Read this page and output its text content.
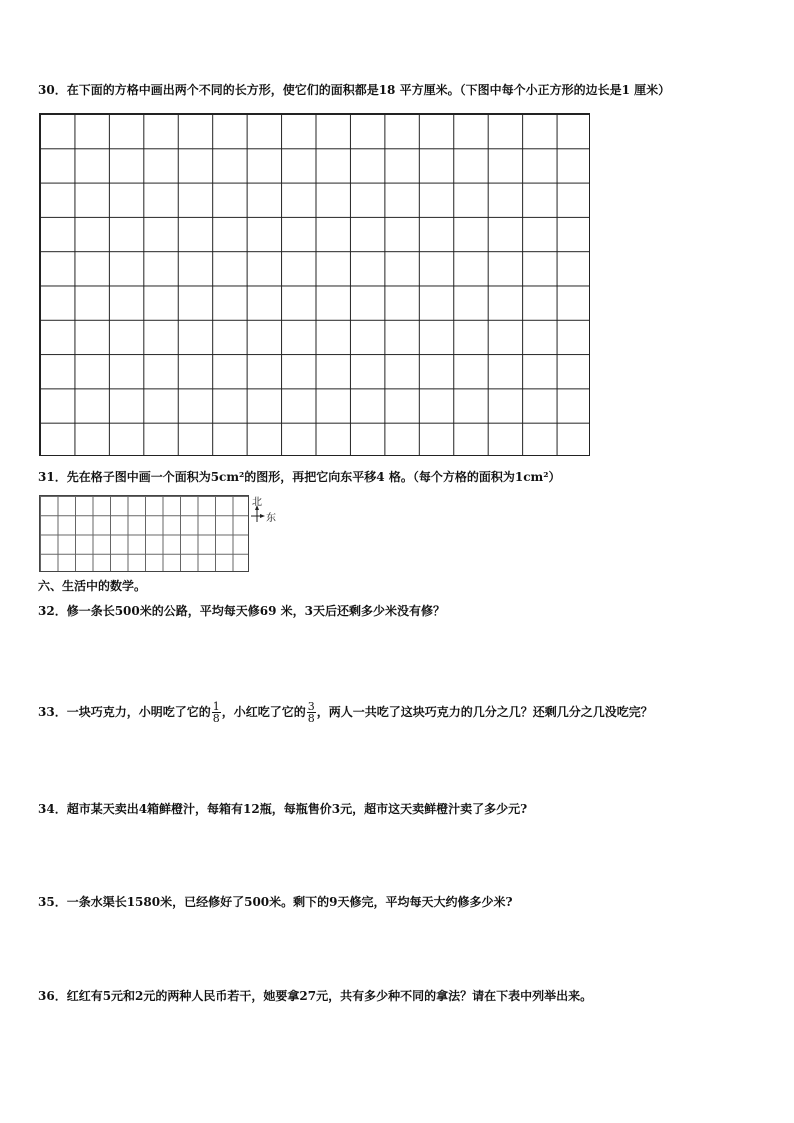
30．在下面的方格中画出两个不同的长方形，使它们的面积都是18 平方厘米。（下图中每个小正方形的边长是1 厘米）
31．先在格子图中画一个面积为5cm²的图形，再把它向东平移4 格。（每个方格的面积为1cm²）
北
东
六、生活中的数学。
32．修一条长500米的公路，平均每天修69 米，3天后还剩多少米没有修？
33．一块巧克力，小明吃了它的 $\frac{1}{8}$ ，小红吃了它的 $\frac{3}{8}$ ，两人一共吃了这块巧克力的几分之几？还剩几分之几没吃完？
34．超市某天卖出4箱鲜橙汁，每箱有12瓶，每瓶售价3元，超市这天卖鲜橙汁卖了多少元?
35．一条水渠长1580米，已经修好了500米。剩下的9天修完，平均每天大约修多少米?
36．红红有5元和2元的两种人民币若干，她要拿27元，共有多少种不同的拿法？请在下表中列举出来。
